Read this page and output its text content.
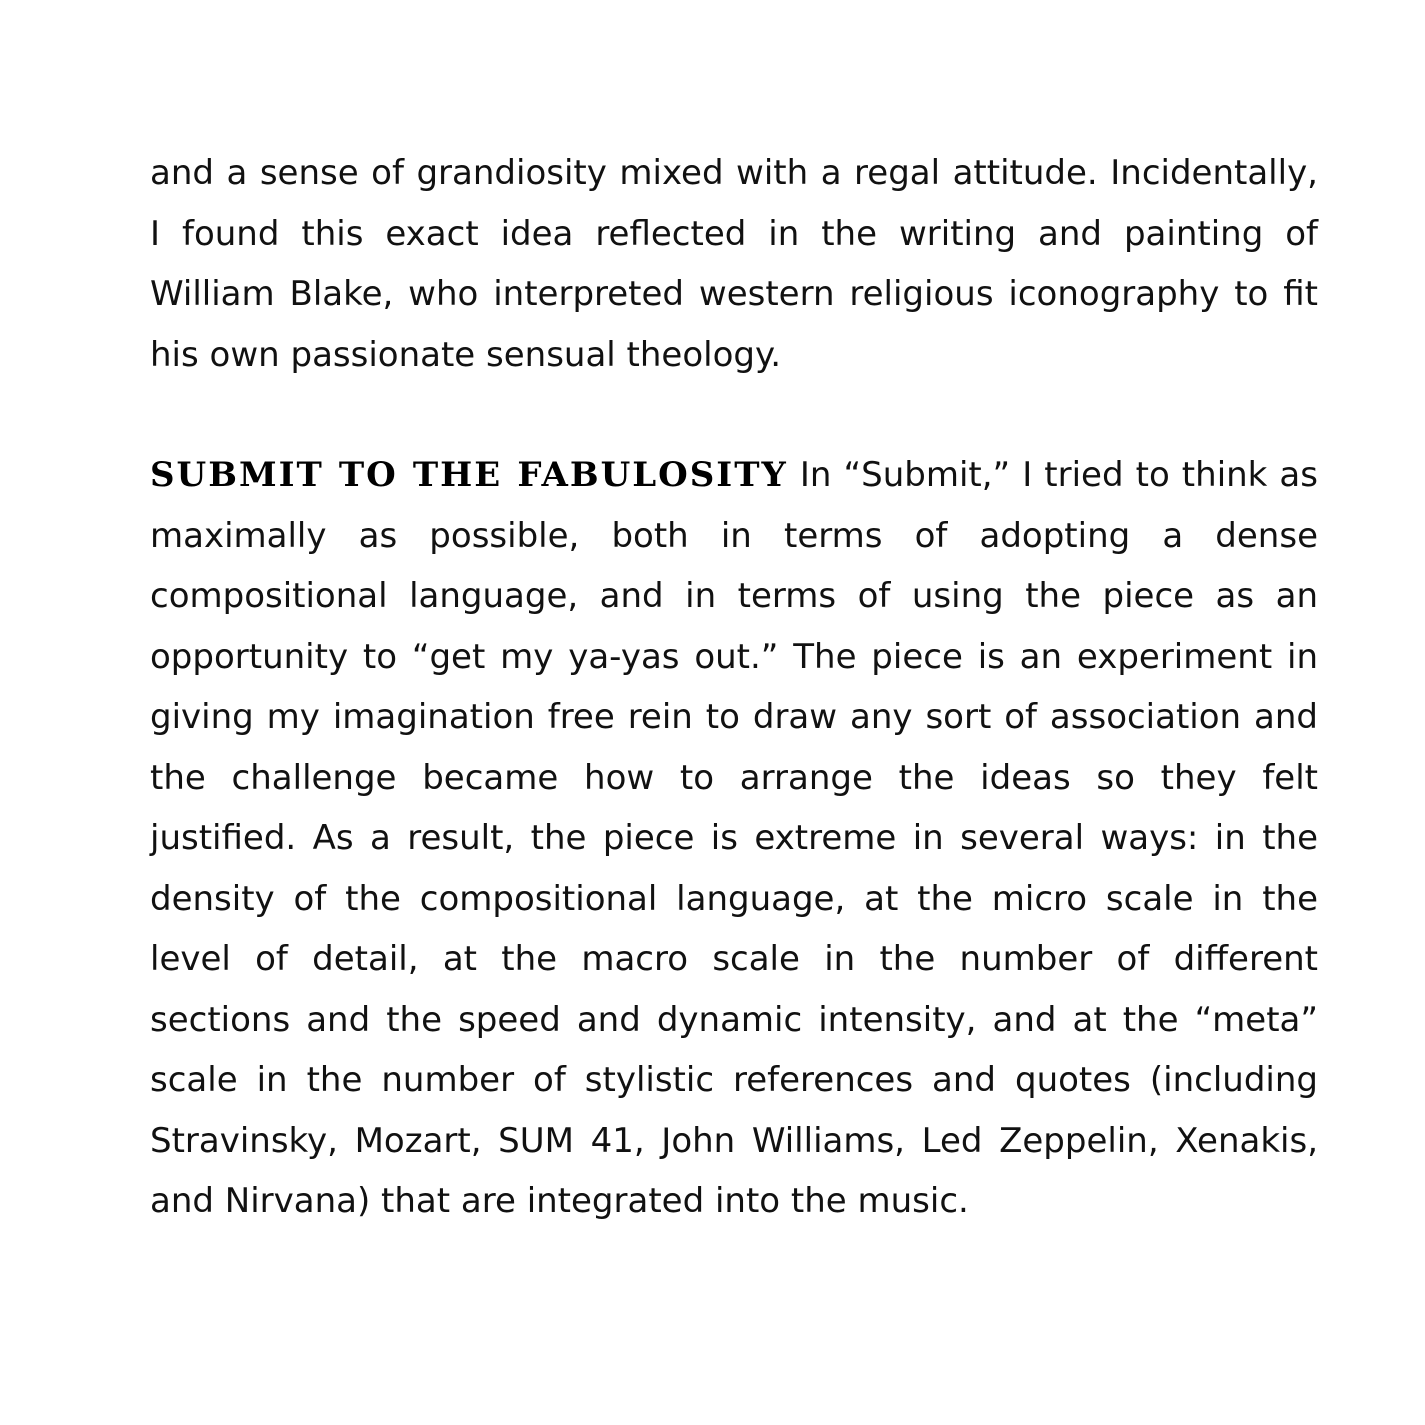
and a sense of grandiosity mixed with a regal attitude. Incidentally, I found this exact idea reflected in the writing and painting of William Blake, who interpreted western religious iconography to fit his own passionate sensual theology.

SUBMIT TO THE FABULOSITY In “Submit,” I tried to think as maximally as possible, both in terms of adopting a dense compositional language, and in terms of using the piece as an opportunity to “get my ya-yas out.” The piece is an experiment in giving my imagination free rein to draw any sort of association and the challenge became how to arrange the ideas so they felt justified. As a result, the piece is extreme in several ways: in the density of the compositional language, at the micro scale in the level of detail, at the macro scale in the number of different sections and the speed and dynamic intensity, and at the “meta” scale in the number of stylistic references and quotes (including Stravinsky, Mozart, SUM 41, John Williams, Led Zeppelin, Xenakis, and Nirvana) that are integrated into the music.
